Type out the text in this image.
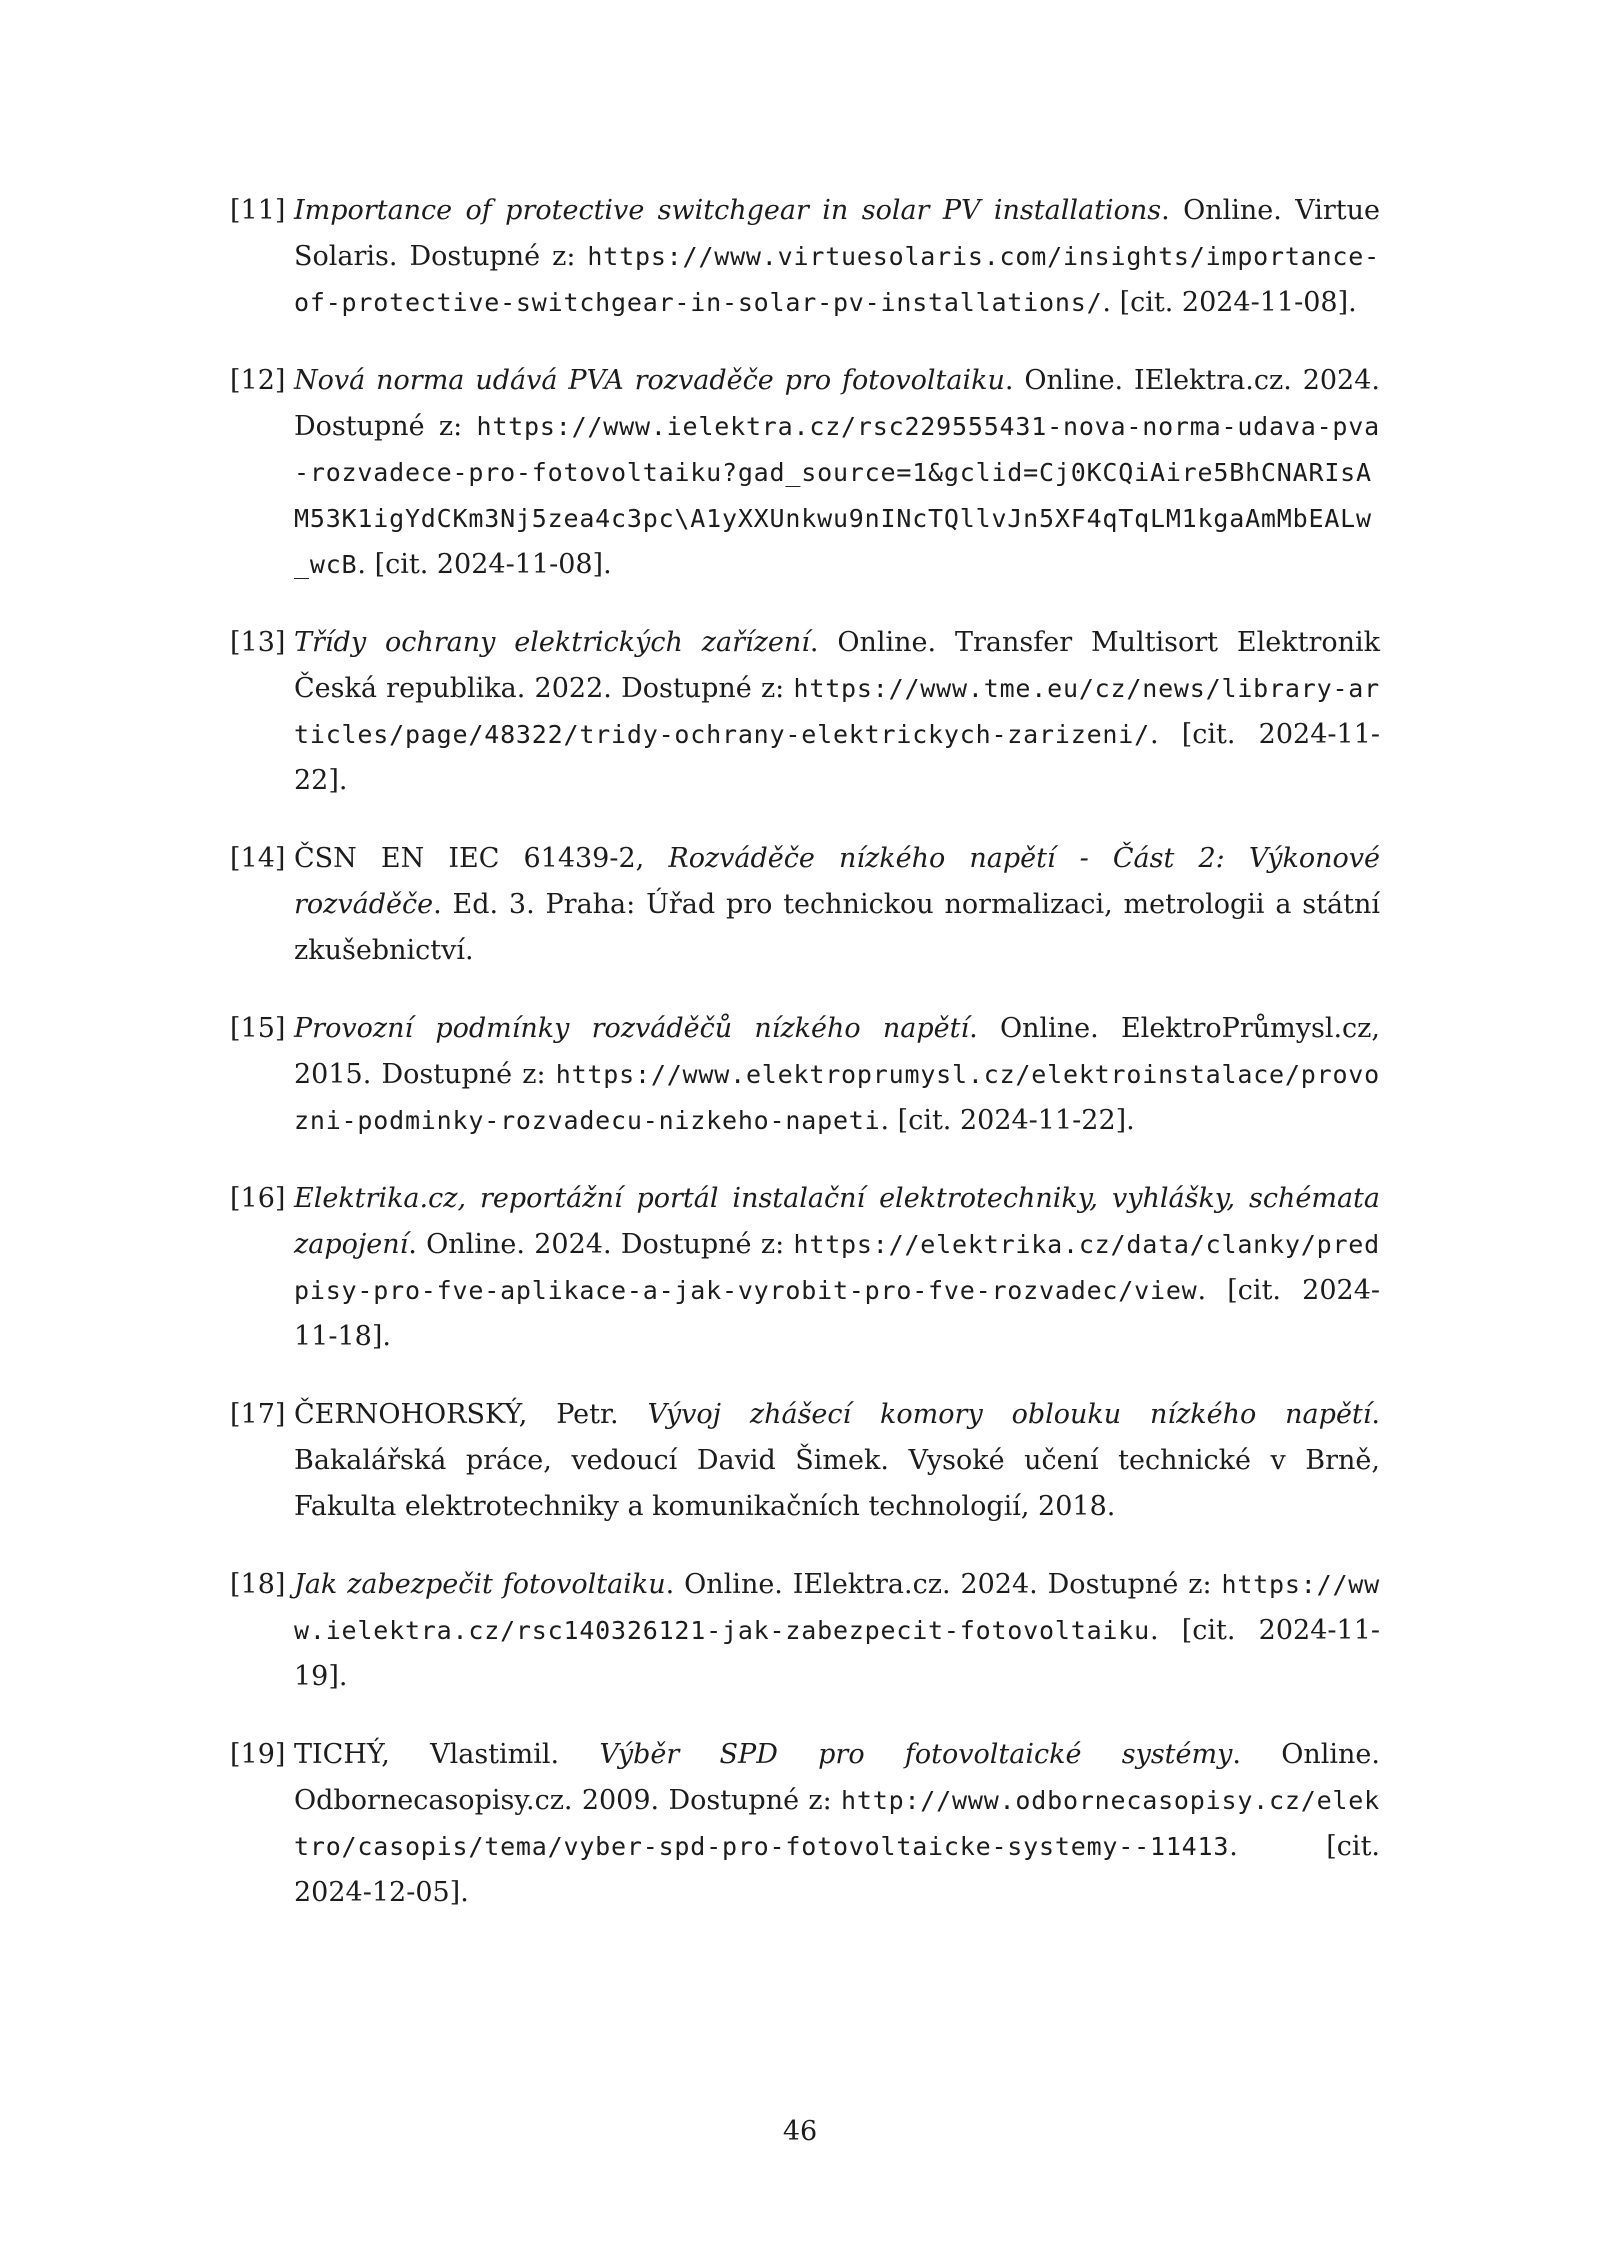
[11] Importance of protective switchgear in solar PV installations. Online. Virtue Solaris. Dostupné z: https://www.virtuesolaris.com/insights/importance-of-protective-switchgear-in-solar-pv-installations/. [cit. 2024-11-08].
[12] Nová norma udává PVA rozvaděče pro fotovoltaiku. Online. IElektra.cz. 2024. Dostupné z: https://www.ielektra.cz/rsc229555431-nova-norma-udava-pva-rozvadece-pro-fotovoltaiku?gad_source=1&gclid=Cj0KCQiAire5BhCNARIsAM53K1igYdCKm3Nj5zea4c3pc\A1yXXUnkwu9nINcTQllvJn5XF4qTqLM1kgaAmMbEALw_wcB. [cit. 2024-11-08].
[13] Třídy ochrany elektrických zařízení. Online. Transfer Multisort Elektronik Česká republika. 2022. Dostupné z: https://www.tme.eu/cz/news/library-articles/page/48322/tridy-ochrany-elektrickych-zarizeni/. [cit. 2024-11-22].
[14] ČSN EN IEC 61439-2, Rozváděče nízkého napětí - Část 2: Výkonové rozváděče. Ed. 3. Praha: Úřad pro technickou normalizaci, metrologii a státní zkušebnictví.
[15] Provozní podmínky rozváděčů nízkého napětí. Online. ElektroPrůmysl.cz, 2015. Dostupné z: https://www.elektroprumysl.cz/elektroinstalace/provozni-podminky-rozvadecu-nizkeho-napeti. [cit. 2024-11-22].
[16] Elektrika.cz, reportážní portál instalační elektrotechniky, vyhlášky, schémata zapojení. Online. 2024. Dostupné z: https://elektrika.cz/data/clanky/predpisy-pro-fve-aplikace-a-jak-vyrobit-pro-fve-rozvadec/view. [cit. 2024-11-18].
[17] ČERNOHORSKÝ, Petr. Vývoj zhášecí komory oblouku nízkého napětí. Bakalářská práce, vedoucí David Šimek. Vysoké učení technické v Brně, Fakulta elektrotechniky a komunikačních technologií, 2018.
[18] Jak zabezpečit fotovoltaiku. Online. IElektra.cz. 2024. Dostupné z: https://www.ielektra.cz/rsc140326121-jak-zabezpecit-fotovoltaiku. [cit. 2024-11-19].
[19] TICHÝ, Vlastimil. Výběr SPD pro fotovoltaické systémy. Online. Odbornecasopisy.cz. 2009. Dostupné z: http://www.odbornecasopisy.cz/elektro/casopis/tema/vyber-spd-pro-fotovoltaicke-systemy--11413. [cit. 2024-12-05].
46
